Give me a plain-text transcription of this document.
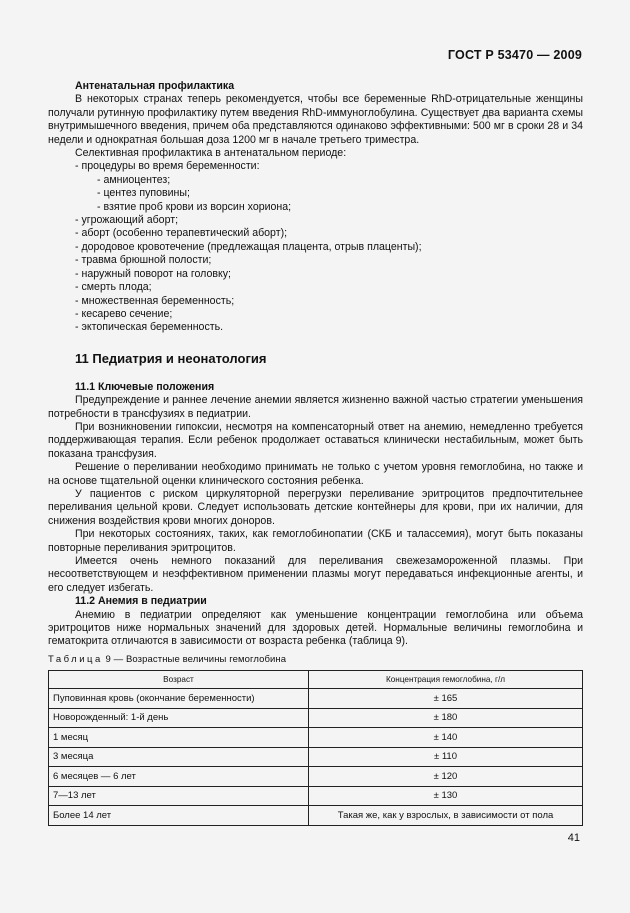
ГОСТ Р 53470 — 2009

Антенатальная профилактика

В некоторых странах теперь рекомендуется, чтобы все беременные RhD-отрицательные женщины получали рутинную профилактику путем введения RhD-иммуноглобулина. Существует два варианта схемы внутримышечного введения, причем оба представляются одинаково эффективными: 500 мг в сроки 28 и 34 недели и однократная большая доза 1200 мг в начале третьего триместра.

Селективная профилактика в антенатальном периоде:

- процедуры во время беременности:

- амниоцентез;

- центез пуповины;

- взятие проб крови из ворсин хориона;

- угрожающий аборт;

- аборт (особенно терапевтический аборт);

- дородовое кровотечение (предлежащая плацента, отрыв плаценты);

- травма брюшной полости;

- наружный поворот на головку;

- смерть плода;

- множественная беременность;

- кесарево сечение;

- эктопическая беременность.

11 Педиатрия и неонатология

11.1 Ключевые положения

Предупреждение и раннее лечение анемии является жизненно важной частью стратегии уменьшения потребности в трансфузиях в педиатрии.

При возникновении гипоксии, несмотря на компенсаторный ответ на анемию, немедленно требуется поддерживающая терапия. Если ребенок продолжает оставаться клинически нестабильным, может быть показана трансфузия.

Решение о переливании необходимо принимать не только с учетом уровня гемоглобина, но также и на основе тщательной оценки клинического состояния ребенка.

У пациентов с риском циркуляторной перегрузки переливание эритроцитов предпочтительнее переливания цельной крови. Следует использовать детские контейнеры для крови, при их наличии, для снижения воздействия крови многих доноров.

При некоторых состояниях, таких, как гемоглобинопатии (СКБ и талассемия), могут быть показаны повторные переливания эритроцитов.

Имеется очень немного показаний для переливания свежезамороженной плазмы. При несоответствующем и неэффективном применении плазмы могут передаваться инфекционные агенты, и его следует избегать.

11.2 Анемия в педиатрии

Анемию в педиатрии определяют как уменьшение концентрации гемоглобина или объема эритроцитов ниже нормальных значений для здоровых детей. Нормальные величины гемоглобина и гематокрита отличаются в зависимости от возраста ребенка (таблица 9).

Таблица 9 — Возрастные величины гемоглобина
Возраст	Концентрация гемоглобина, г/л
Пуповинная кровь (окончание беременности)	± 165
Новорожденный: 1-й день	± 180
1 месяц	± 140
3 месяца	± 110
6 месяцев — 6 лет	± 120
7—13 лет	± 130
Более 14 лет	Такая же, как у взрослых, в зависимости от пола
41
